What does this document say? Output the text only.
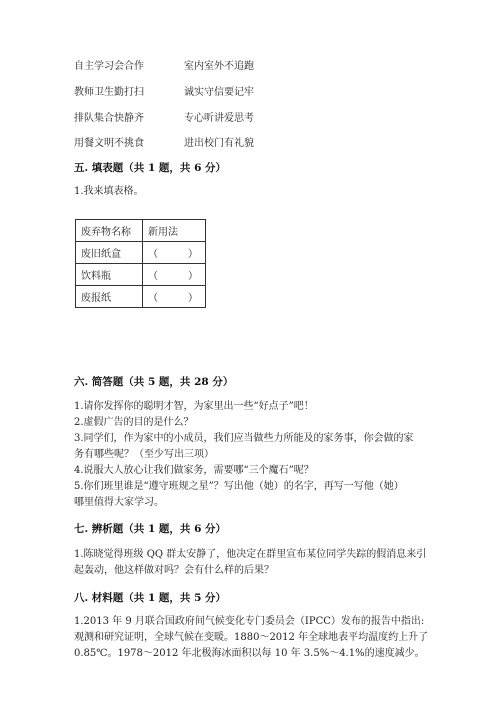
自主学习会合作	室内室外不追跑
教师卫生勤打扫	诚实守信要记牢
排队集合快静齐	专心听讲爱思考
用餐文明不挑食	进出校门有礼貌
五. 填表题（共 1 题，共 6 分）
1.我来填表格。
废弃物名称	新用法
废旧纸盒	（　　　）
饮料瓶	（　　　）
废报纸	（　　　）
六. 简答题（共 5 题，共 28 分）
1.请你发挥你的聪明才智，为家里出一些“好点子”吧！
2.虚假广告的目的是什么？
3.同学们，作为家中的小成员，我们应当做些力所能及的家务事，你会做的家
务有哪些呢？（至少写出三项）
4.说服大人放心让我们做家务，需要哪“三个魔石”呢？
5.你们班里谁是“遵守班规之星”？写出他（她）的名字，再写一写他（她）
哪里值得大家学习。
七. 辨析题（共 1 题，共 6 分）
1.陈晓觉得班级 QQ 群太安静了，他决定在群里宣布某位同学失踪的假消息来引
起轰动，他这样做对吗？会有什么样的后果？
八. 材料题（共 1 题，共 5 分）
1.2013 年 9 月联合国政府间气候变化专门委员会（IPCC）发布的报告中指出:
观测和研究证明，全球气候在变暖。1880～2012 年全球地表平均温度约上升了
0.85℃。1978～2012 年北极海冰面积以每 10 年 3.5%～4.1%的速度减少。
